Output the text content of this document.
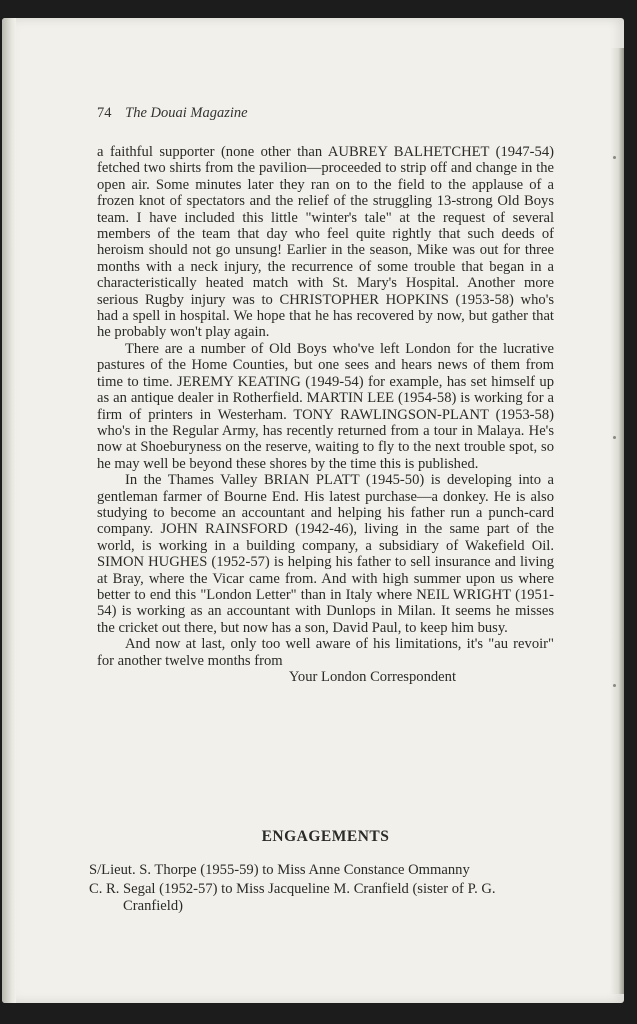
74 The Douai Magazine

a faithful supporter (none other than AUBREY BALHETCHET (1947-54) fetched two shirts from the pavilion—proceeded to strip off and change in the open air. Some minutes later they ran on to the field to the applause of a frozen knot of spectators and the relief of the struggling 13-strong Old Boys team. I have included this little "winter's tale" at the request of several members of the team that day who feel quite rightly that such deeds of heroism should not go unsung! Earlier in the season, Mike was out for three months with a neck injury, the recurrence of some trouble that began in a characteristically heated match with St. Mary's Hospital. Another more serious Rugby injury was to CHRISTOPHER HOPKINS (1953-58) who's had a spell in hospital. We hope that he has recovered by now, but gather that he probably won't play again.

There are a number of Old Boys who've left London for the lucrative pastures of the Home Counties, but one sees and hears news of them from time to time. JEREMY KEATING (1949-54) for example, has set himself up as an antique dealer in Rotherfield. MARTIN LEE (1954-58) is working for a firm of printers in Westerham. TONY RAWLINGSON-PLANT (1953-58) who's in the Regular Army, has recently returned from a tour in Malaya. He's now at Shoeburyness on the reserve, waiting to fly to the next trouble spot, so he may well be beyond these shores by the time this is published.

In the Thames Valley BRIAN PLATT (1945-50) is developing into a gentleman farmer of Bourne End. His latest purchase—a donkey. He is also studying to become an accountant and helping his father run a punch-card company. JOHN RAINSFORD (1942-46), living in the same part of the world, is working in a building company, a subsidiary of Wakefield Oil. SIMON HUGHES (1952-57) is helping his father to sell insurance and living at Bray, where the Vicar came from. And with high summer upon us where better to end this "London Letter" than in Italy where NEIL WRIGHT (1951-54) is working as an accountant with Dunlops in Milan. It seems he misses the cricket out there, but now has a son, David Paul, to keep him busy.

And now at last, only too well aware of his limitations, it's "au revoir" for another twelve months from

Your London Correspondent

ENGAGEMENTS

S/Lieut. S. Thorpe (1955-59) to Miss Anne Constance Ommanny

C. R. Segal (1952-57) to Miss Jacqueline M. Cranfield (sister of P. G. Cranfield)
